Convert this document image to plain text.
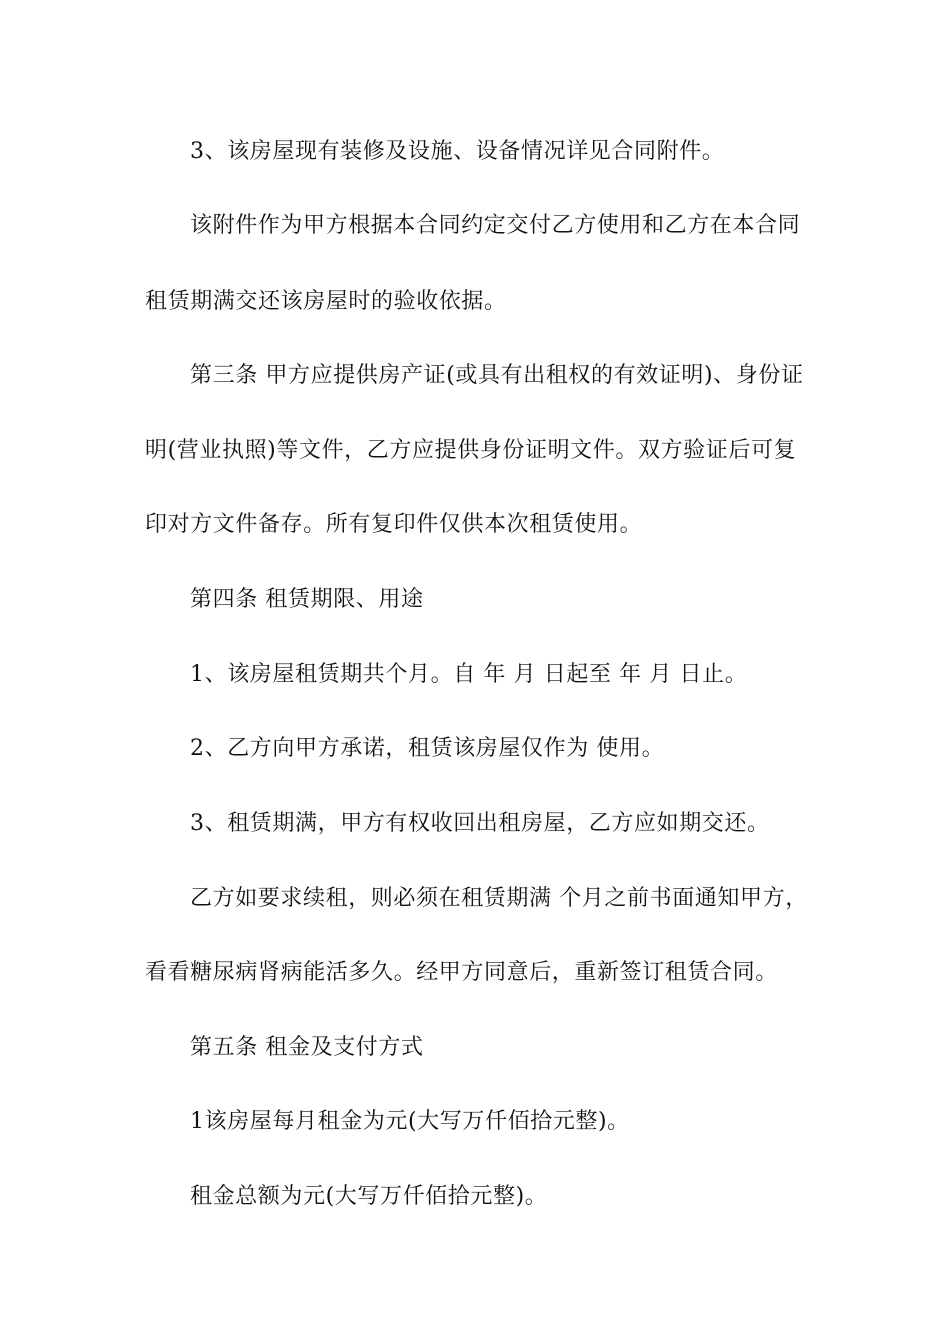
3、该房屋现有装修及设施、设备情况详见合同附件。
该附件作为甲方根据本合同约定交付乙方使用和乙方在本合同
租赁期满交还该房屋时的验收依据。
第三条 甲方应提供房产证(或具有出租权的有效证明)、身份证
明(营业执照)等文件，乙方应提供身份证明文件。双方验证后可复
印对方文件备存。所有复印件仅供本次租赁使用。
第四条 租赁期限、用途
1、该房屋租赁期共个月。自 年 月 日起至 年 月 日止。
2、乙方向甲方承诺，租赁该房屋仅作为 使用。
3、租赁期满，甲方有权收回出租房屋，乙方应如期交还。
乙方如要求续租，则必须在租赁期满 个月之前书面通知甲方，
看看糖尿病肾病能活多久。经甲方同意后，重新签订租赁合同。
第五条 租金及支付方式
1该房屋每月租金为元(大写万仟佰拾元整)。
租金总额为元(大写万仟佰拾元整)。
